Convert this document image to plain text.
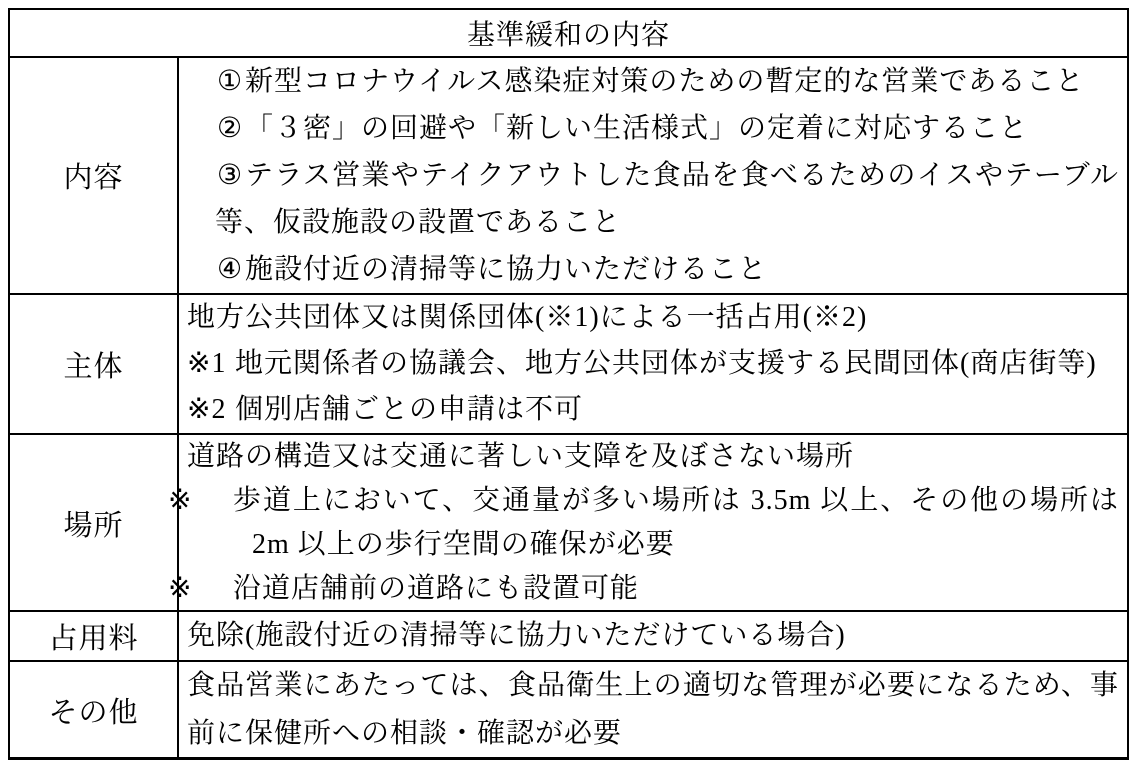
基準緩和の内容
内容
① 新型コロナウイルス感染症対策のための暫定的な営業であること
② 「３密」の回避や「新しい生活様式」の定着に対応すること
③ テラス営業やテイクアウトした食品を食べるためのイスやテーブル等、仮設施設の設置であること
④ 施設付近の清掃等に協力いただけること
主体
地方公共団体又は関係団体(※1)による一括占用(※2)
※1 地元関係者の協議会、地方公共団体が支援する民間団体(商店街等)
※2 個別店舗ごとの申請は不可
場所
道路の構造又は交通に著しい支障を及ぼさない場所
※ 歩道上において、交通量が多い場所は 3.5m 以上、その他の場所は 2m 以上の歩行空間の確保が必要
※ 沿道店舗前の道路にも設置可能
占用料	免除(施設付近の清掃等に協力いただけている場合)
その他
食品営業にあたっては、食品衛生上の適切な管理が必要になるため、事前に保健所への相談・確認が必要
